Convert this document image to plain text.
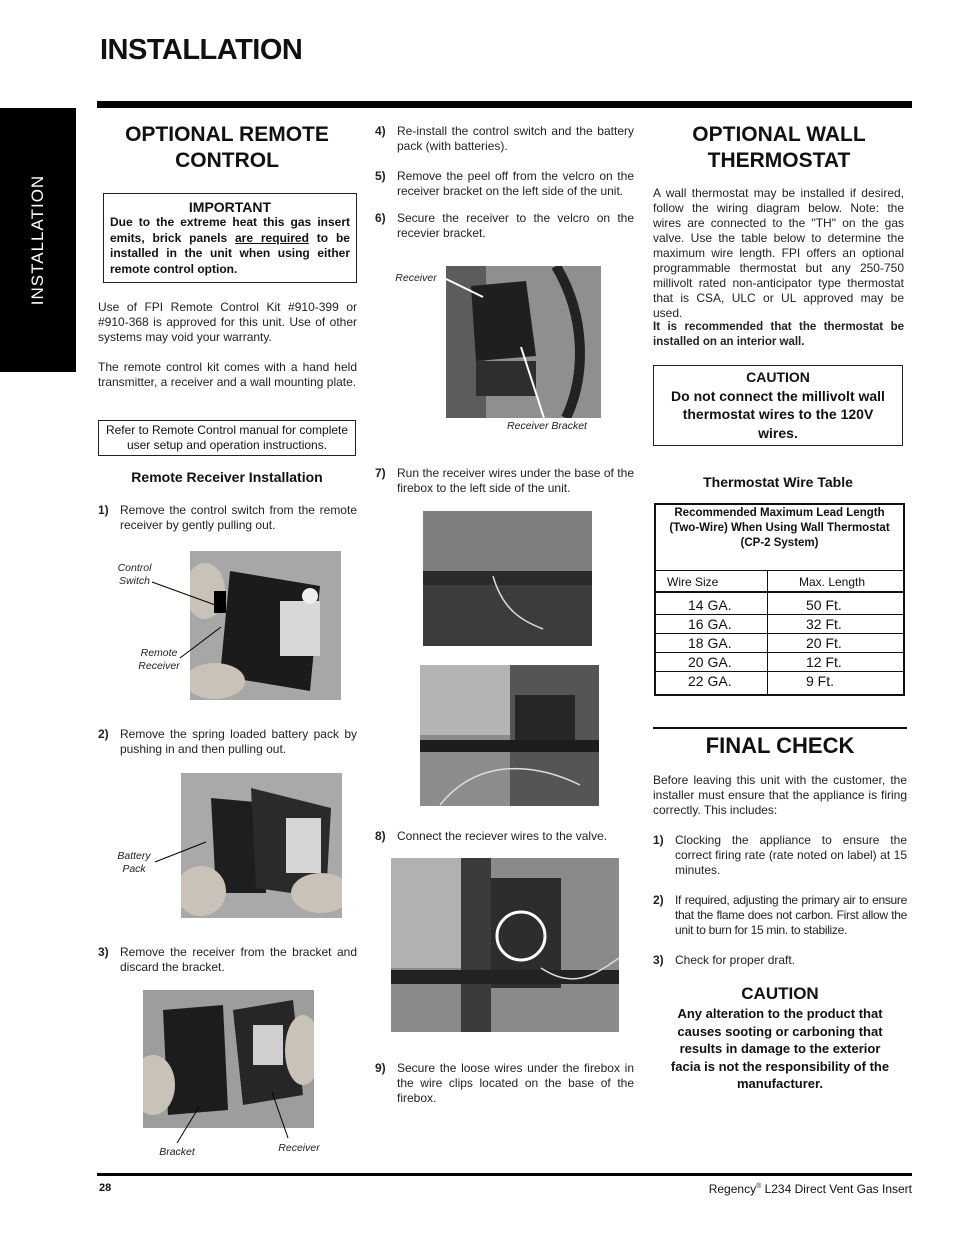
INSTALLATION
INSTALLATION
OPTIONAL REMOTE CONTROL
IMPORTANT
Due to the extreme heat this gas insert emits, brick panels are required to be installed in the unit when using either remote control option.
Use of FPI Remote Control Kit #910-399 or #910-368 is approved for this unit. Use of other systems may void your warranty.
The remote control kit comes with a hand held transmitter, a receiver and a wall mounting plate.
Refer to Remote Control manual for complete user setup and operation instructions.
Remote Receiver Installation
1) Remove the control switch from the remote receiver by gently pulling out.
Control Switch
Remote Receiver
2) Remove the spring loaded battery pack by pushing in and then pulling out.
Battery Pack
3) Remove the receiver from the bracket and discard the bracket.
Bracket	Receiver
4) Re-install the control switch and the battery pack (with batteries).
5) Remove the peel off from the velcro on the receiver bracket on the left side of the unit.
6) Secure the receiver to the velcro on the recevier bracket.
Receiver
Receiver Bracket
7) Run the receiver wires under the base of the firebox to the left side of the unit.
8) Connect the reciever wires to the valve.
9) Secure the loose wires under the firebox in the wire clips located on the base of the firebox.
OPTIONAL WALL THERMOSTAT
A wall thermostat may be installed if desired, follow the wiring diagram below. Note: the wires are connected to the "TH" on the gas valve. Use the table below to determine the maximum wire length. FPI offers an optional programmable thermostat but any 250-750 millivolt rated non-anticipator type thermostat that is CSA, ULC or UL approved may be used.
It is recommended that the thermostat be installed on an interior wall.
CAUTION
Do not connect the millivolt wall thermostat wires to the 120V wires.
Thermostat Wire Table
Recommended Maximum Lead Length (Two-Wire) When Using Wall Thermostat (CP-2 System)
Wire Size	Max. Length
14 GA.	50 Ft.
16 GA.	32 Ft.
18 GA.	20 Ft.
20 GA.	12 Ft.
22 GA.	9 Ft.
FINAL CHECK
Before leaving this unit with the customer, the installer must ensure that the appliance is firing correctly. This includes:
1) Clocking the appliance to ensure the correct firing rate (rate noted on label) at 15 minutes.
2) If required, adjusting the primary air to ensure that the flame does not carbon. First allow the unit to burn for 15 min. to stabilize.
3) Check for proper draft.
CAUTION
Any alteration to the product that causes sooting or carboning that results in damage to the exterior facia is not the responsibility of the manufacturer.
28	Regency® L234 Direct Vent Gas Insert
